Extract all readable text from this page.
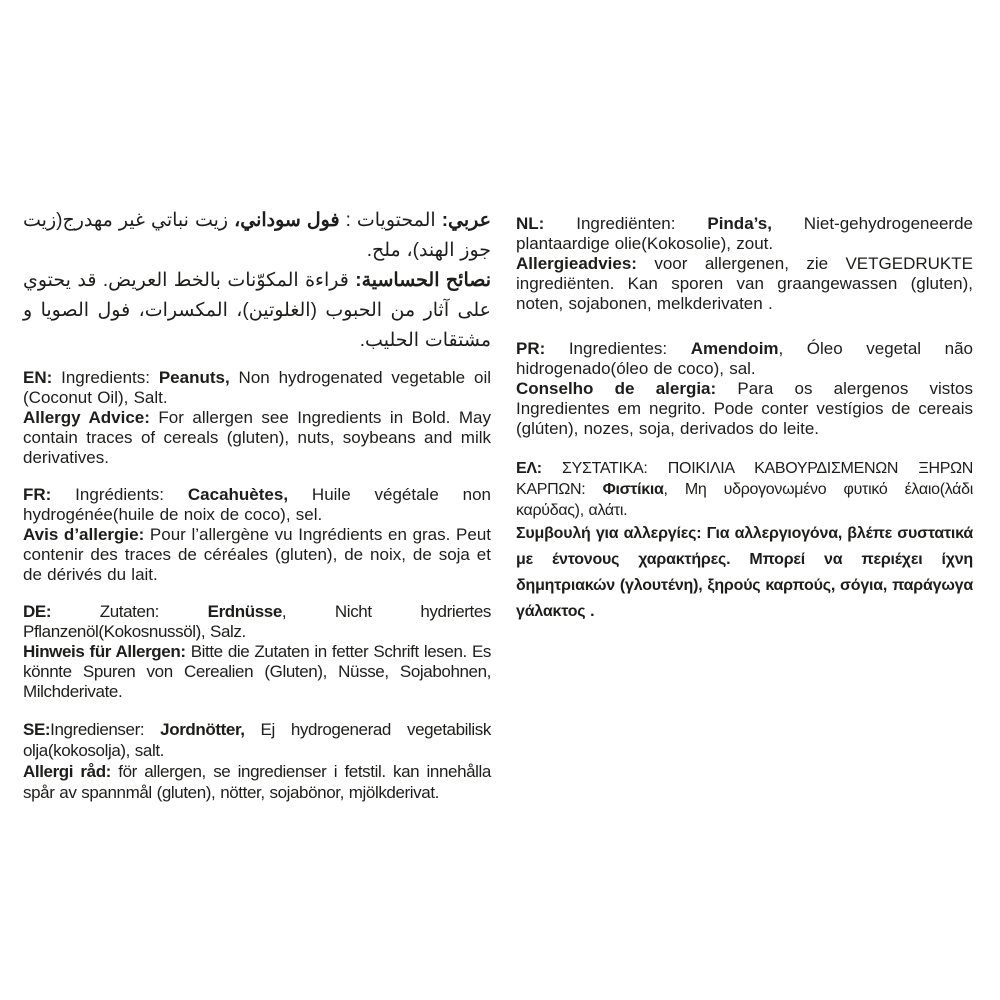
عربي: المحتويات : فول سوداني، زيت نباتي غير مهدرج(زيت جوز الهند)، ملح.

نصائح الحساسية: قراءة المكوّنات بالخط العريض. قد يحتوي على آثار من الحبوب (الغلوتين)، المكسرات، فول الصويا و مشتقات الحليب.

EN: Ingredients: Peanuts, Non hydrogenated vegetable oil (Coconut Oil), Salt.

Allergy Advice: For allergen see Ingredients in Bold. May contain traces of cereals (gluten), nuts, soybeans and milk derivatives.

FR: Ingrédients: Cacahuètes, Huile végétale non hydrogénée(huile de noix de coco), sel.

Avis d’allergie: Pour l’allergène vu Ingrédients en gras. Peut contenir des traces de céréales (gluten), de noix, de soja et de dérivés du lait.

DE: Zutaten: Erdnüsse, Nicht hydriertes Pflanzenöl(Kokosnussöl), Salz.

Hinweis für Allergen: Bitte die Zutaten in fetter Schrift lesen. Es könnte Spuren von Cerealien (Gluten), Nüsse, Sojabohnen, Milchderivate.

SE:Ingredienser: Jordnötter, Ej hydrogenerad vegetabilisk olja(kokosolja), salt.

Allergi råd: för allergen, se ingredienser i fetstil. kan innehålla spår av spannmål (gluten), nötter, sojabönor, mjölkderivat.

NL: Ingrediënten: Pinda’s, Niet-gehydrogeneerde plantaardige olie(Kokosolie), zout.

Allergieadvies: voor allergenen, zie VETGEDRUKTE ingrediënten. Kan sporen van graangewassen (gluten), noten, sojabonen, melkderivaten .

PR: Ingredientes: Amendoim, Óleo vegetal não hidrogenado(óleo de coco), sal.

Conselho de alergia: Para os alergenos vistos Ingredientes em negrito. Pode conter vestígios de cereais (glúten), nozes, soja, derivados do leite.

ΕΛ: ΣΥΣΤΑΤΙΚΑ: ΠΟΙΚΙΛΙΑ ΚΑΒΟΥΡΔΙΣΜΕΝΩΝ ΞΗΡΩΝ ΚΑΡΠΩΝ: Φιστίκια, Μη υδρογονωμένο φυτικό έλαιο(λάδι καρύδας), αλάτι.

Συμβουλή για αλλεργίες: Για αλλεργιογόνα, βλέπε συστατικά με έντονους χαρακτήρες. Μπορεί να περιέχει ίχνη δημητριακών (γλουτένη), ξηρούς καρπούς, σόγια, παράγωγα γάλακτος .
